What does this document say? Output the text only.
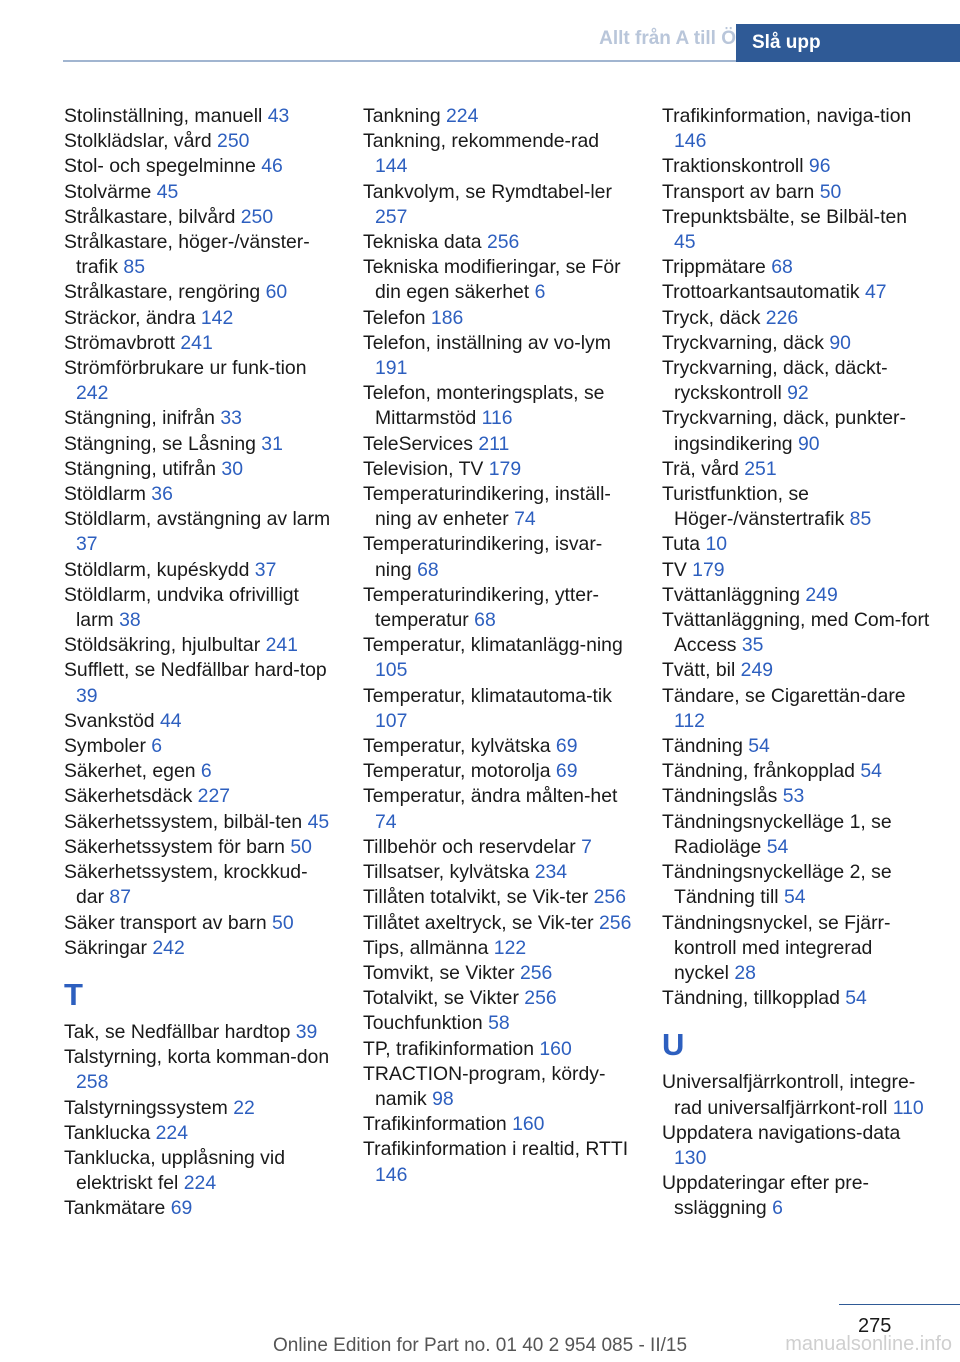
Allt från A till Ö Slå upp
Stolinställning, manuell 43
Stolklädslar, vård 250
Stol- och spegelminne 46
Stolvärme 45
Strålkastare, bilvård 250
Strålkastare, höger-/vänster-trafik 85
Strålkastare, rengöring 60
Sträckor, ändra 142
Strömavbrott 241
Strömförbrukare ur funk-tion 242
Stängning, inifrån 33
Stängning, se Låsning 31
Stängning, utifrån 30
Stöldlarm 36
Stöldlarm, avstängning av larm 37
Stöldlarm, kupéskydd 37
Stöldlarm, undvika ofrivilligt larm 38
Stöldsäkring, hjulbultar 241
Sufflett, se Nedfällbar hard-top 39
Svankstöd 44
Symboler 6
Säkerhet, egen 6
Säkerhetsdäck 227
Säkerhetssystem, bilbäl-ten 45
Säkerhetssystem för barn 50
Säkerhetssystem, krockkud-dar 87
Säker transport av barn 50
Säkringar 242
T
Tak, se Nedfällbar hardtop 39
Talstyrning, korta komman-don 258
Talstyrningssystem 22
Tanklucka 224
Tanklucka, upplåsning vid elektriskt fel 224
Tankmätare 69
Tankning 224
Tankning, rekommende-rad 144
Tankvolym, se Rymdtabel-ler 257
Tekniska data 256
Tekniska modifieringar, se För din egen säkerhet 6
Telefon 186
Telefon, inställning av vo-lym 191
Telefon, monteringsplats, se Mittarmstöd 116
TeleServices 211
Television, TV 179
Temperaturindikering, inställ-ning av enheter 74
Temperaturindikering, isvar-ning 68
Temperaturindikering, ytter-temperatur 68
Temperatur, klimatanlägg-ning 105
Temperatur, klimatautoma-tik 107
Temperatur, kylvätska 69
Temperatur, motorolja 69
Temperatur, ändra målten-het 74
Tillbehör och reservdelar 7
Tillsatser, kylvätska 234
Tillåten totalvikt, se Vik-ter 256
Tillåtet axeltryck, se Vik-ter 256
Tips, allmänna 122
Tomvikt, se Vikter 256
Totalvikt, se Vikter 256
Touchfunktion 58
TP, trafikinformation 160
TRACTION-program, kördy-namik 98
Trafikinformation 160
Trafikinformation i realtid, RTTI 146
Trafikinformation, naviga-tion 146
Traktionskontroll 96
Transport av barn 50
Trepunktsbälte, se Bilbäl-ten 45
Trippmätare 68
Trottoarkantsautomatik 47
Tryck, däck 226
Tryckvarning, däck 90
Tryckvarning, däck, däckt-ryckskontroll 92
Tryckvarning, däck, punkter-ingsindikering 90
Trä, vård 251
Turistfunktion, se Höger-/vänstertrafik 85
Tuta 10
TV 179
Tvättanläggning 249
Tvättanläggning, med Com-fort Access 35
Tvätt, bil 249
Tändare, se Cigarettän-dare 112
Tändning 54
Tändning, frånkopplad 54
Tändningslås 53
Tändningsnyckelläge 1, se Radioläge 54
Tändningsnyckelläge 2, se Tändning till 54
Tändningsnyckel, se Fjärr-kontroll med integrerad nyckel 28
Tändning, tillkopplad 54
U
Universalfjärrkontroll, integre-rad universalfjärrkont-roll 110
Uppdatera navigations-data 130
Uppdateringar efter pre-ssläggning 6
275
Online Edition for Part no. 01 40 2 954 085 - II/15	manualsonline.info
